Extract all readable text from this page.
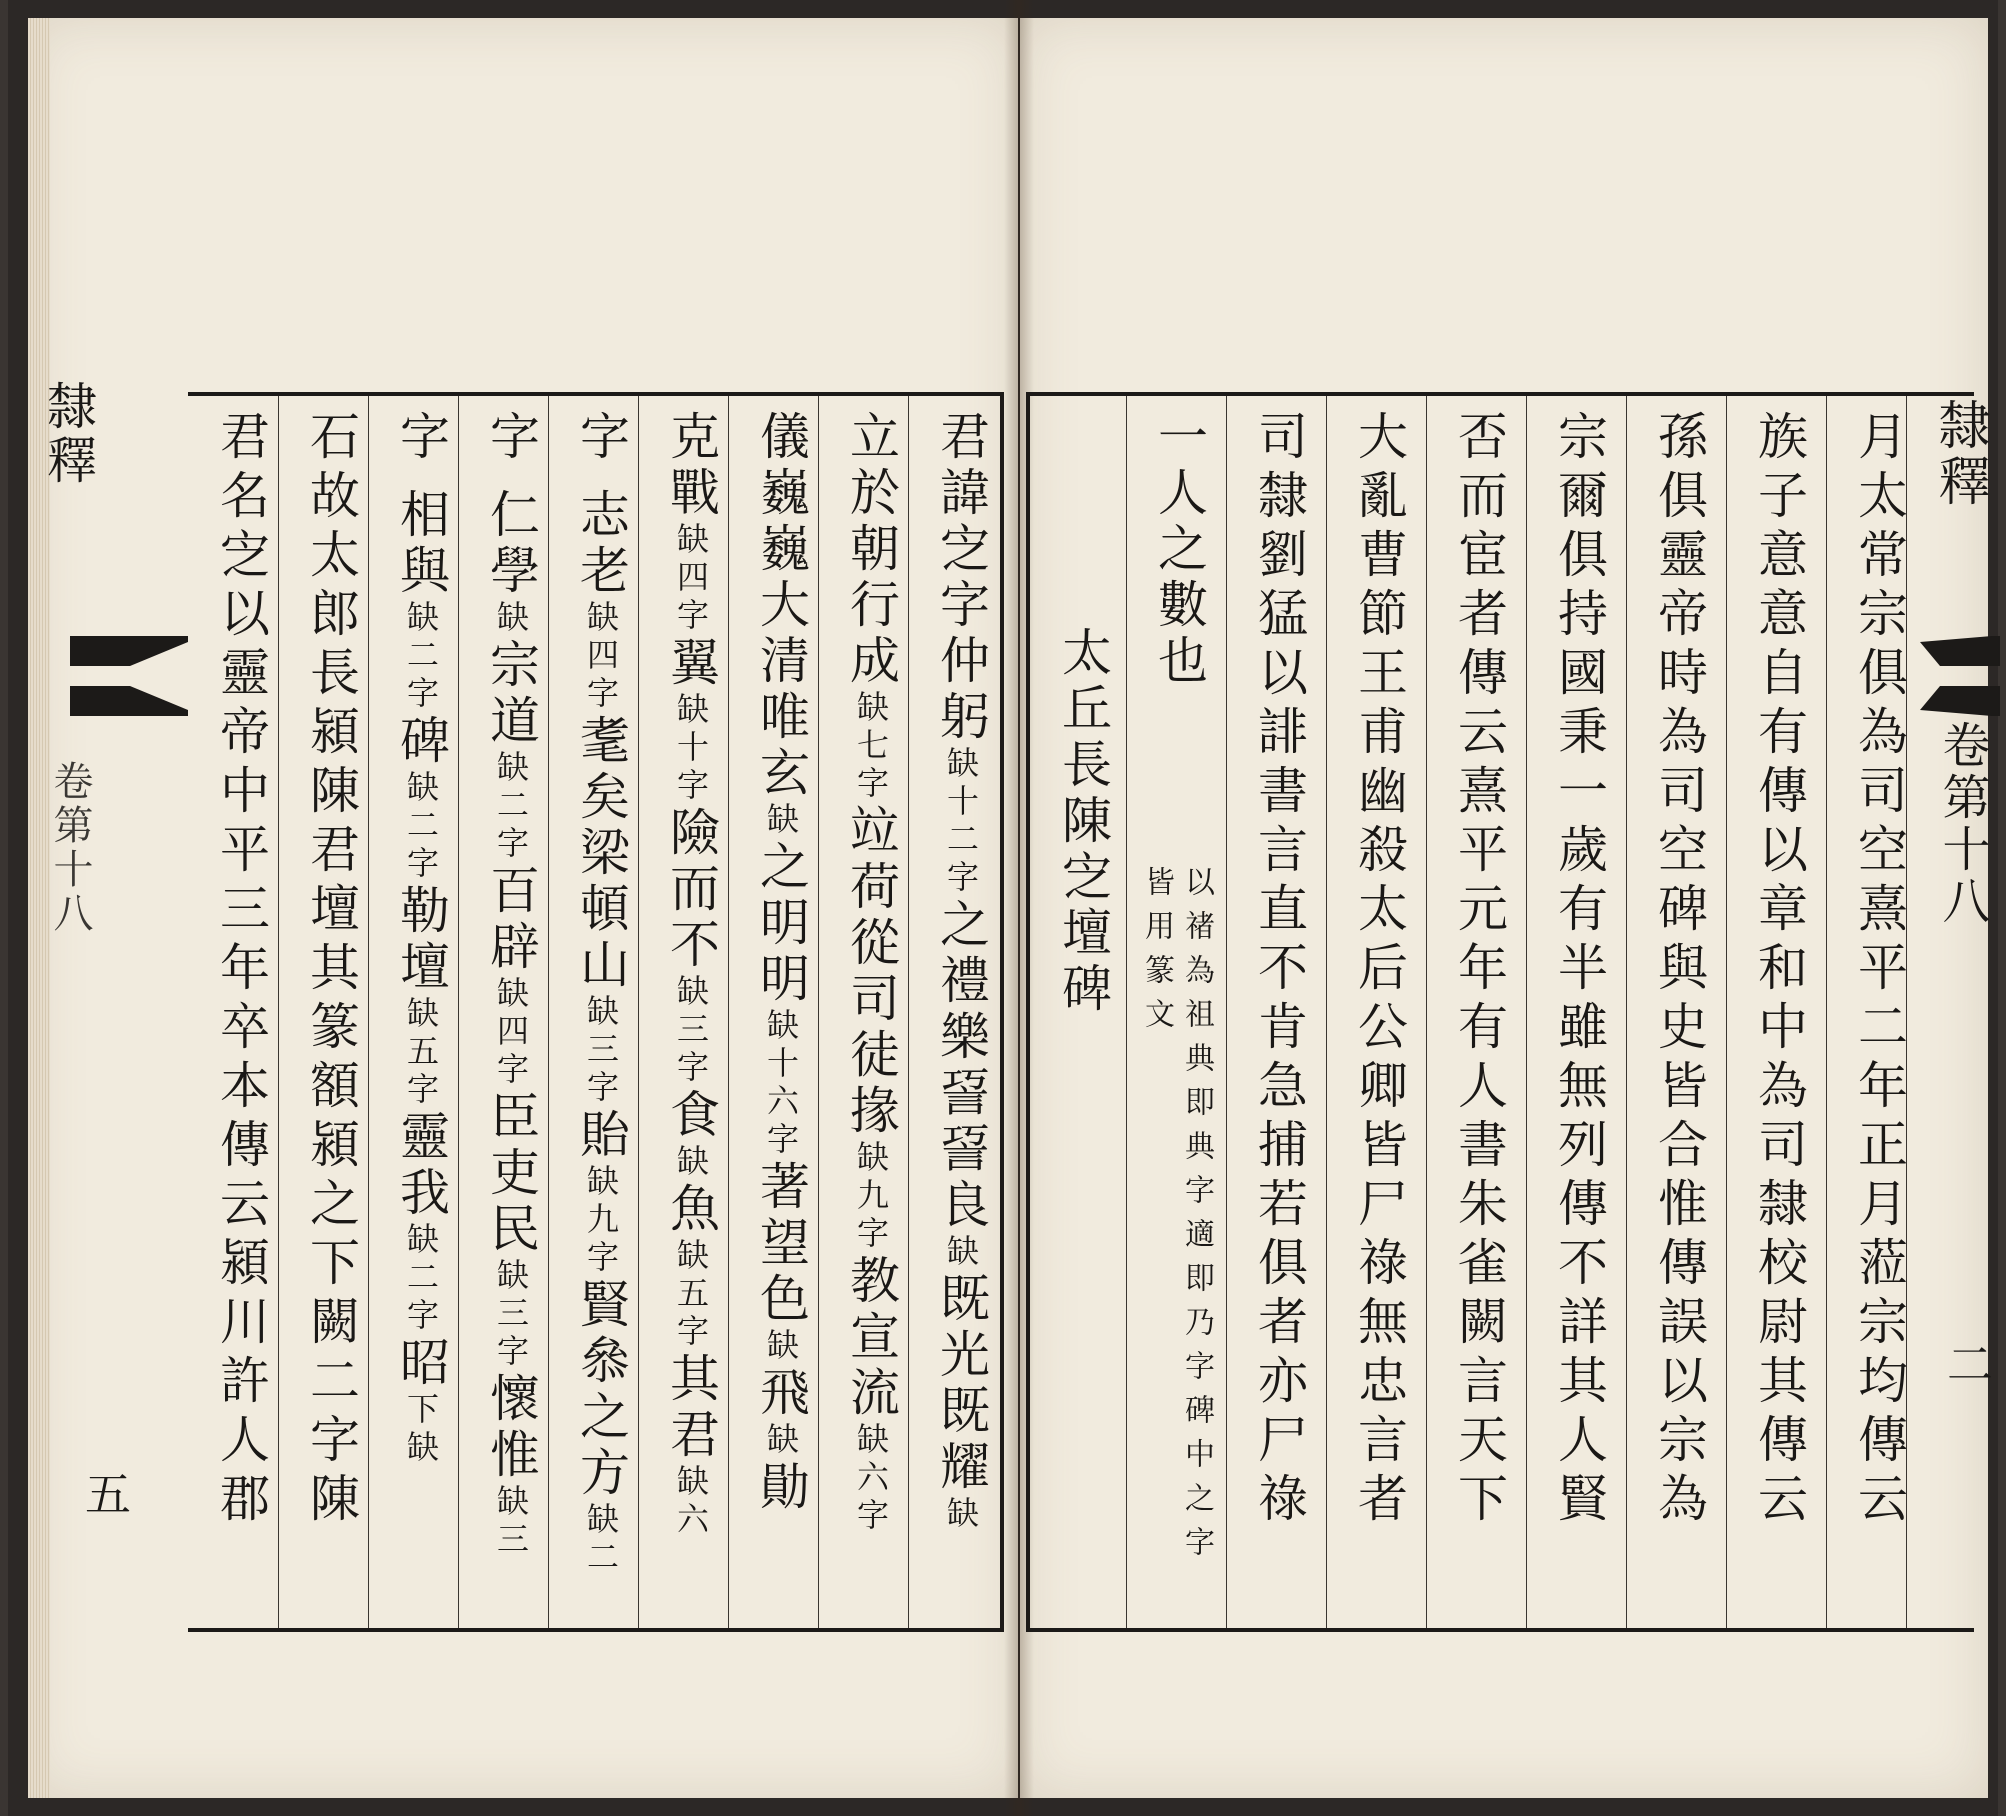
隸釋
卷第十八
五
君諱㝎字仲躬缺十二字之禮樂䛒䛒良缺既光既耀缺
立於朝行成缺七字竝荷從司徒掾缺九字教宣流缺六字
儀巍巍大清唯玄缺之明明缺十六字著望色缺飛缺勛
克戰缺四字翼缺十字險而不缺三字食缺魚缺五字其君缺六
字 志老缺四字耄矣梁頓山缺三字貽缺九字賢叅之方缺二
字 仁學缺宗道缺二字百辟缺四字臣吏民缺三字懷惟缺三
字 相與缺二字碑缺二字勒壇缺五字靈我缺二字昭下缺
石故太郎長潁陳君壇其篆額潁之下闕二字陳
君名㝎以靈帝中平三年卒本傳云潁川許人郡	月太常宗俱為司空熹平二年正月蒞宗均傳云
族子意意自有傳以章和中為司隸校尉其傳云
孫俱靈帝時為司空碑與史皆合惟傳誤以宗為
宗爾俱持國秉一歲有半雖無列傳不詳其人賢
否而宦者傳云熹平元年有人書朱雀闕言天下
大亂曹節王甫幽殺太后公卿皆尸祿無忠言者
司隸劉猛以誹書言直不肯急捕若俱者亦尸祿
一人之數也
以禇為祖典即典字適即乃字碑中之字皆用篆文
太丘長陳㝎壇碑
隸釋
卷第十八
二
